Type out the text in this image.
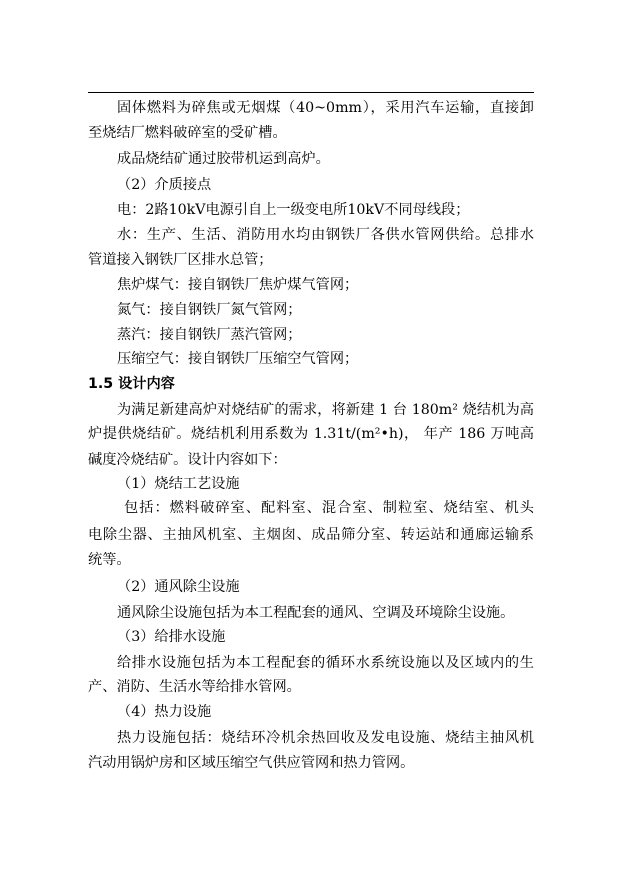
固体燃料为碎焦或无烟煤（40~0mm），采用汽车运输，直接卸
至烧结厂燃料破碎室的受矿槽。
成品烧结矿通过胶带机运到高炉。
（2）介质接点
电：2路10kV电源引自上一级变电所10kV不同母线段；
水：生产、生活、消防用水均由钢铁厂各供水管网供给。总排水
管道接入钢铁厂区排水总管；
焦炉煤气：接自钢铁厂焦炉煤气管网；
氮气：接自钢铁厂氮气管网；
蒸汽：接自钢铁厂蒸汽管网；
压缩空气：接自钢铁厂压缩空气管网；
1.5 设计内容
为满足新建高炉对烧结矿的需求，将新建 1 台 180m² 烧结机为高
炉提供烧结矿。烧结机利用系数为 1.31t/(m²•h)， 年产 186 万吨高
碱度冷烧结矿。设计内容如下：
（1）烧结工艺设施
包括：燃料破碎室、配料室、混合室、制粒室、烧结室、机头
电除尘器、主抽风机室、主烟囱、成品筛分室、转运站和通廊运输系
统等。
（2）通风除尘设施
通风除尘设施包括为本工程配套的通风、空调及环境除尘设施。
（3）给排水设施
给排水设施包括为本工程配套的循环水系统设施以及区域内的生
产、消防、生活水等给排水管网。
（4）热力设施
热力设施包括：烧结环冷机余热回收及发电设施、烧结主抽风机
汽动用锅炉房和区域压缩空气供应管网和热力管网。
